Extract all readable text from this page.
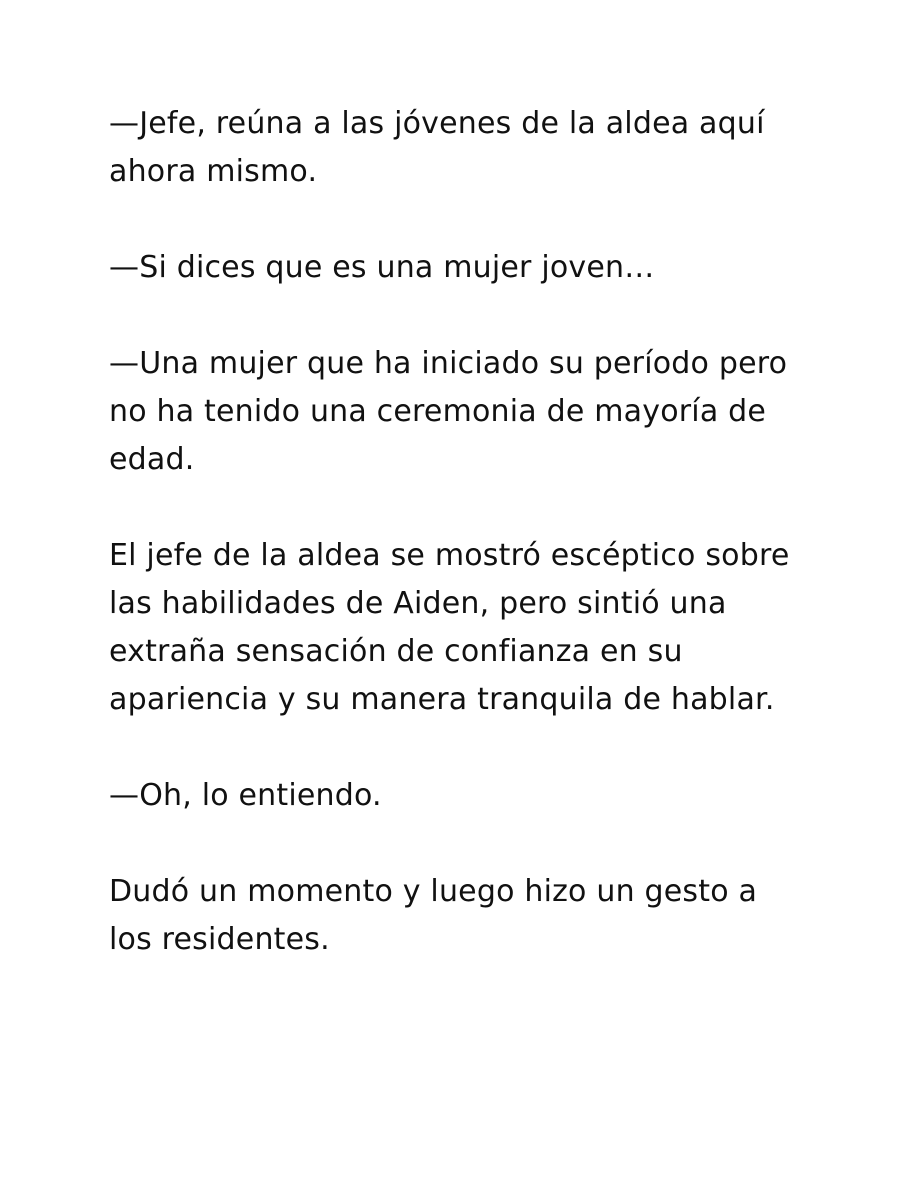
—Jefe, reúna a las jóvenes de la aldea aquí ahora mismo.

—Si dices que es una mujer joven…

—Una mujer que ha iniciado su período pero no ha tenido una ceremonia de mayoría de edad.

El jefe de la aldea se mostró escéptico sobre las habilidades de Aiden, pero sintió una extraña sensación de confianza en su apariencia y su manera tranquila de hablar.

—Oh, lo entiendo.

Dudó un momento y luego hizo un gesto a los residentes.
